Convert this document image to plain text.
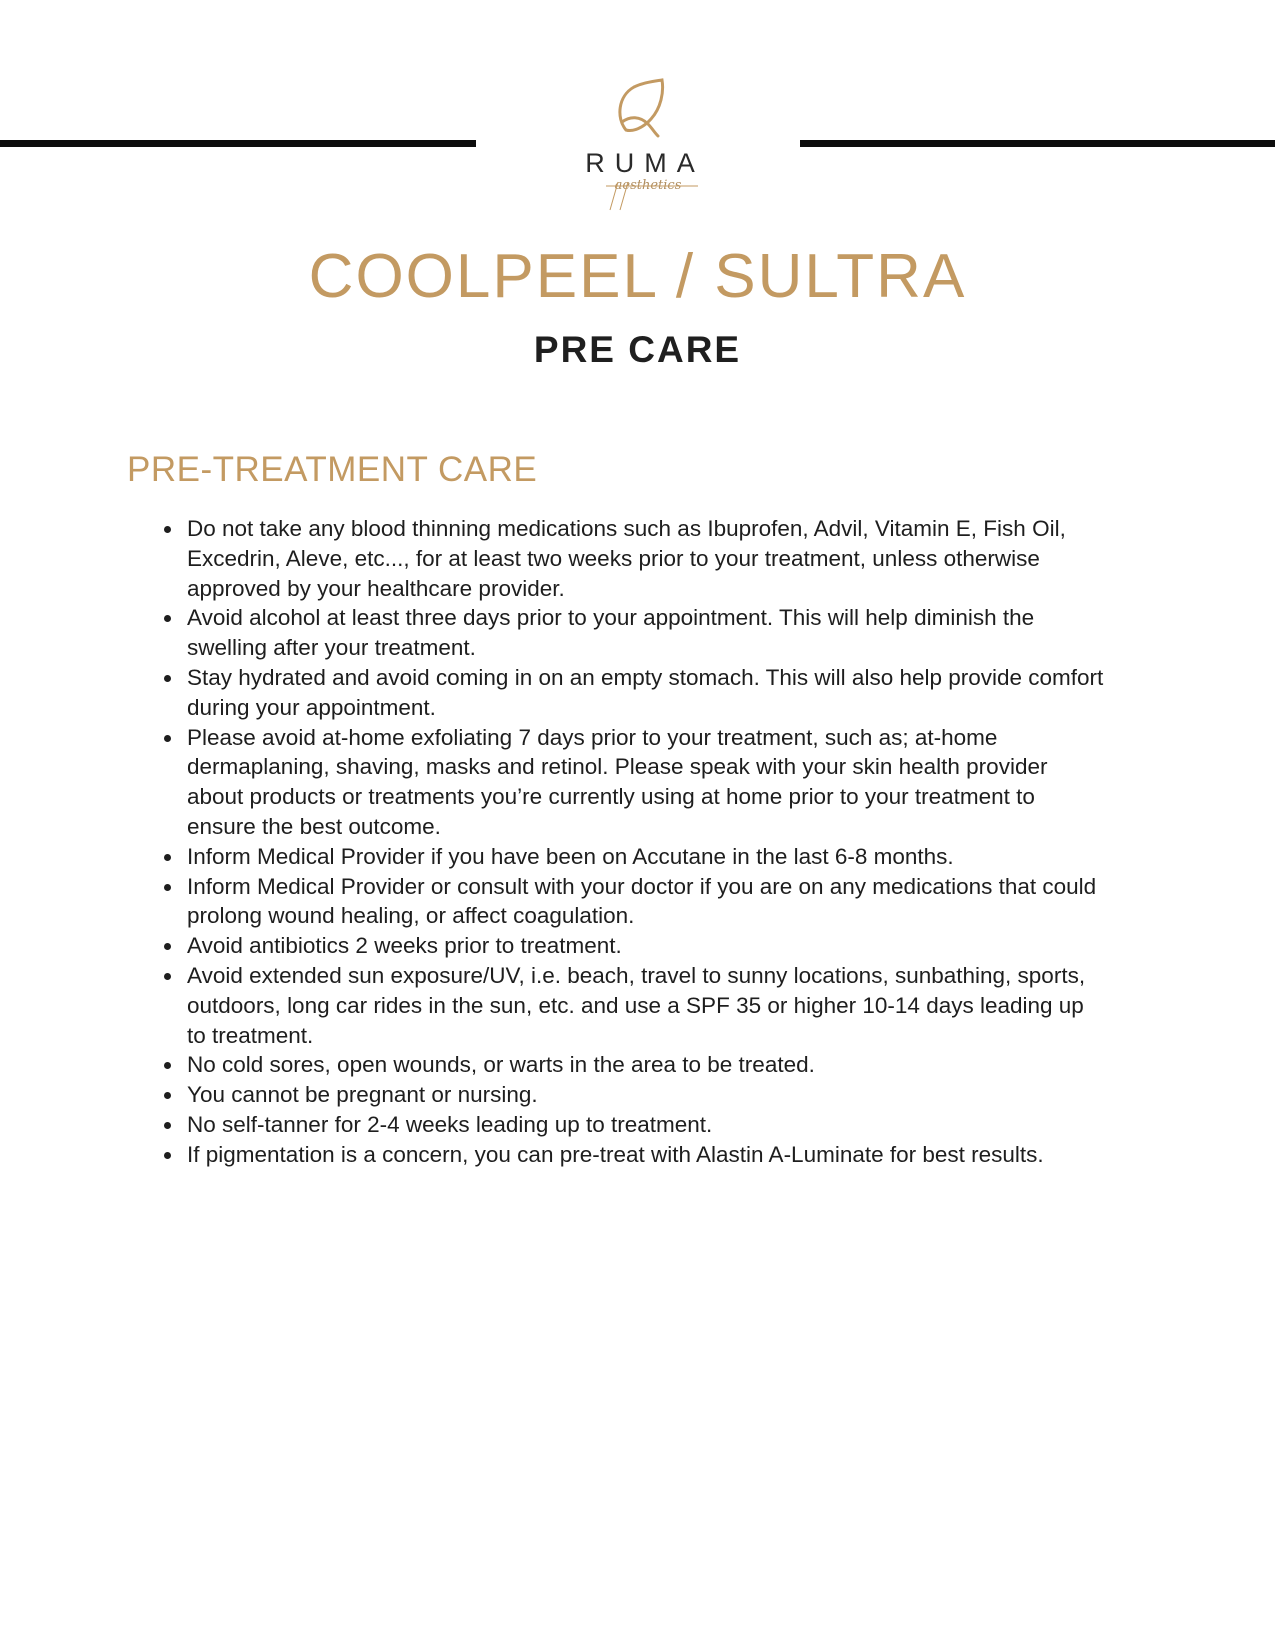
RUMA
aesthetics
COOLPEEL / SULTRA
PRE CARE
PRE-TREATMENT CARE
Do not take any blood thinning medications such as Ibuprofen, Advil, Vitamin E, Fish Oil, Excedrin, Aleve, etc..., for at least two weeks prior to your treatment, unless otherwise approved by your healthcare provider.
Avoid alcohol at least three days prior to your appointment. This will help diminish the swelling after your treatment.
Stay hydrated and avoid coming in on an empty stomach. This will also help provide comfort during your appointment.
Please avoid at-home exfoliating 7 days prior to your treatment, such as; at-home dermaplaning, shaving, masks and retinol. Please speak with your skin health provider about products or treatments you’re currently using at home prior to your treatment to ensure the best outcome.
Inform Medical Provider if you have been on Accutane in the last 6-8 months.
Inform Medical Provider or consult with your doctor if you are on any medications that could prolong wound healing, or affect coagulation.
Avoid antibiotics 2 weeks prior to treatment.
Avoid extended sun exposure/UV, i.e. beach, travel to sunny locations, sunbathing, sports, outdoors, long car rides in the sun, etc. and use a SPF 35 or higher 10-14 days leading up to treatment.
No cold sores, open wounds, or warts in the area to be treated.
You cannot be pregnant or nursing.
No self-tanner for 2-4 weeks leading up to treatment.
If pigmentation is a concern, you can pre-treat with Alastin A-Luminate for best results.
